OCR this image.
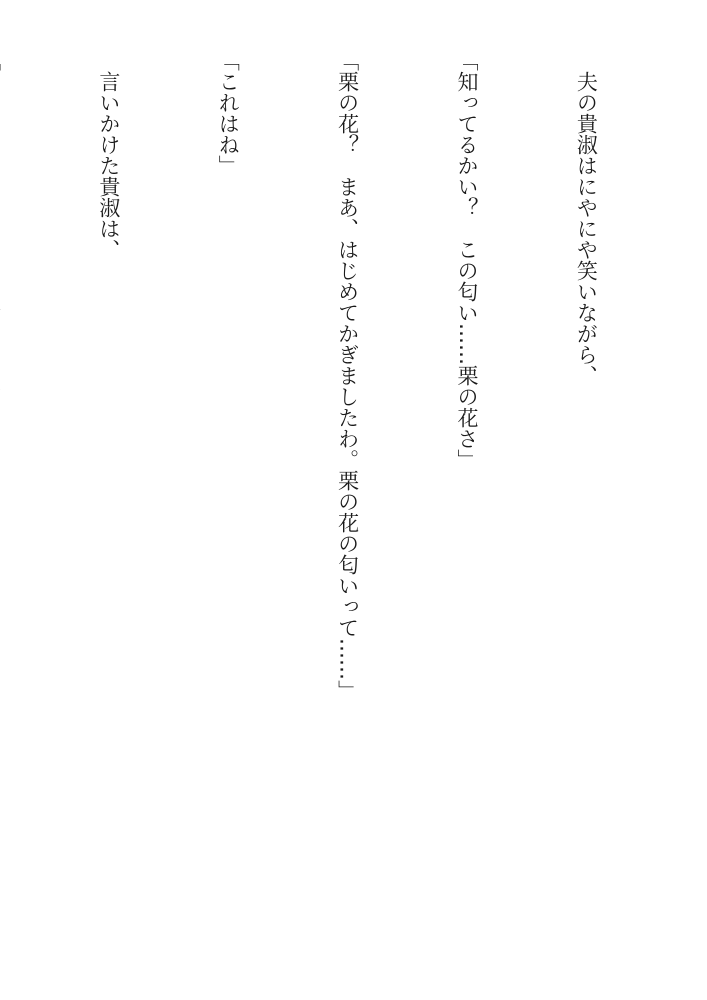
　夫の貴淑はにやにや笑いながら、

「知ってるかい？　この匂い……栗の花さ」

「栗の花？　まあ、はじめてかぎましたわ。栗の花の匂いって……」

「これはね」

　言いかけた貴淑は、
